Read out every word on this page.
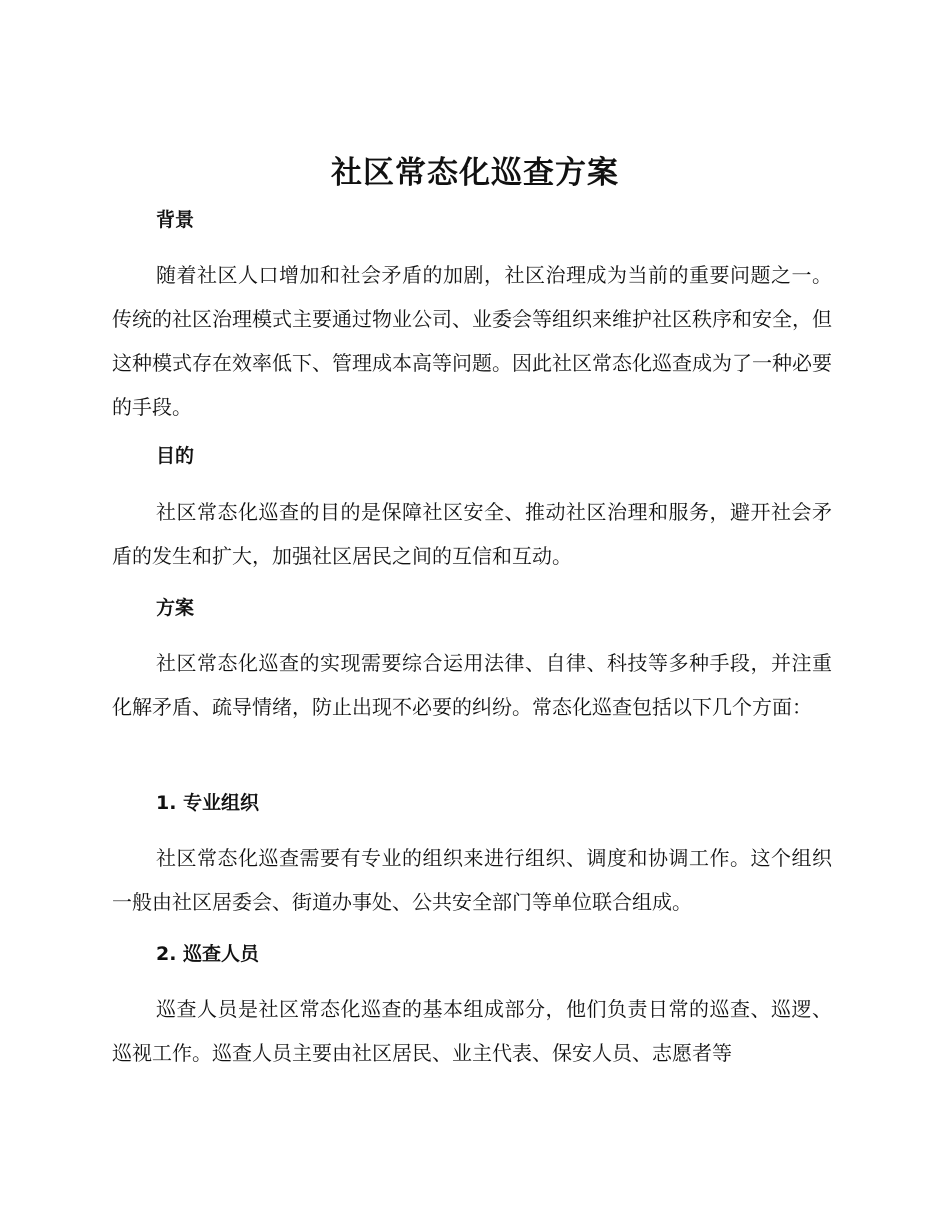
社区常态化巡查方案
背景

随着社区人口增加和社会矛盾的加剧，社区治理成为当前的重要问题之一。传统的社区治理模式主要通过物业公司、业委会等组织来维护社区秩序和安全，但这种模式存在效率低下、管理成本高等问题。因此社区常态化巡查成为了一种必要的手段。

目的

社区常态化巡查的目的是保障社区安全、推动社区治理和服务，避开社会矛盾的发生和扩大，加强社区居民之间的互信和互动。

方案

社区常态化巡查的实现需要综合运用法律、自律、科技等多种手段，并注重化解矛盾、疏导情绪，防止出现不必要的纠纷。常态化巡查包括以下几个方面：

1. 专业组织

社区常态化巡查需要有专业的组织来进行组织、调度和协调工作。这个组织一般由社区居委会、街道办事处、公共安全部门等单位联合组成。

2. 巡查人员

巡查人员是社区常态化巡查的基本组成部分，他们负责日常的巡查、巡逻、巡视工作。巡查人员主要由社区居民、业主代表、保安人员、志愿者等
